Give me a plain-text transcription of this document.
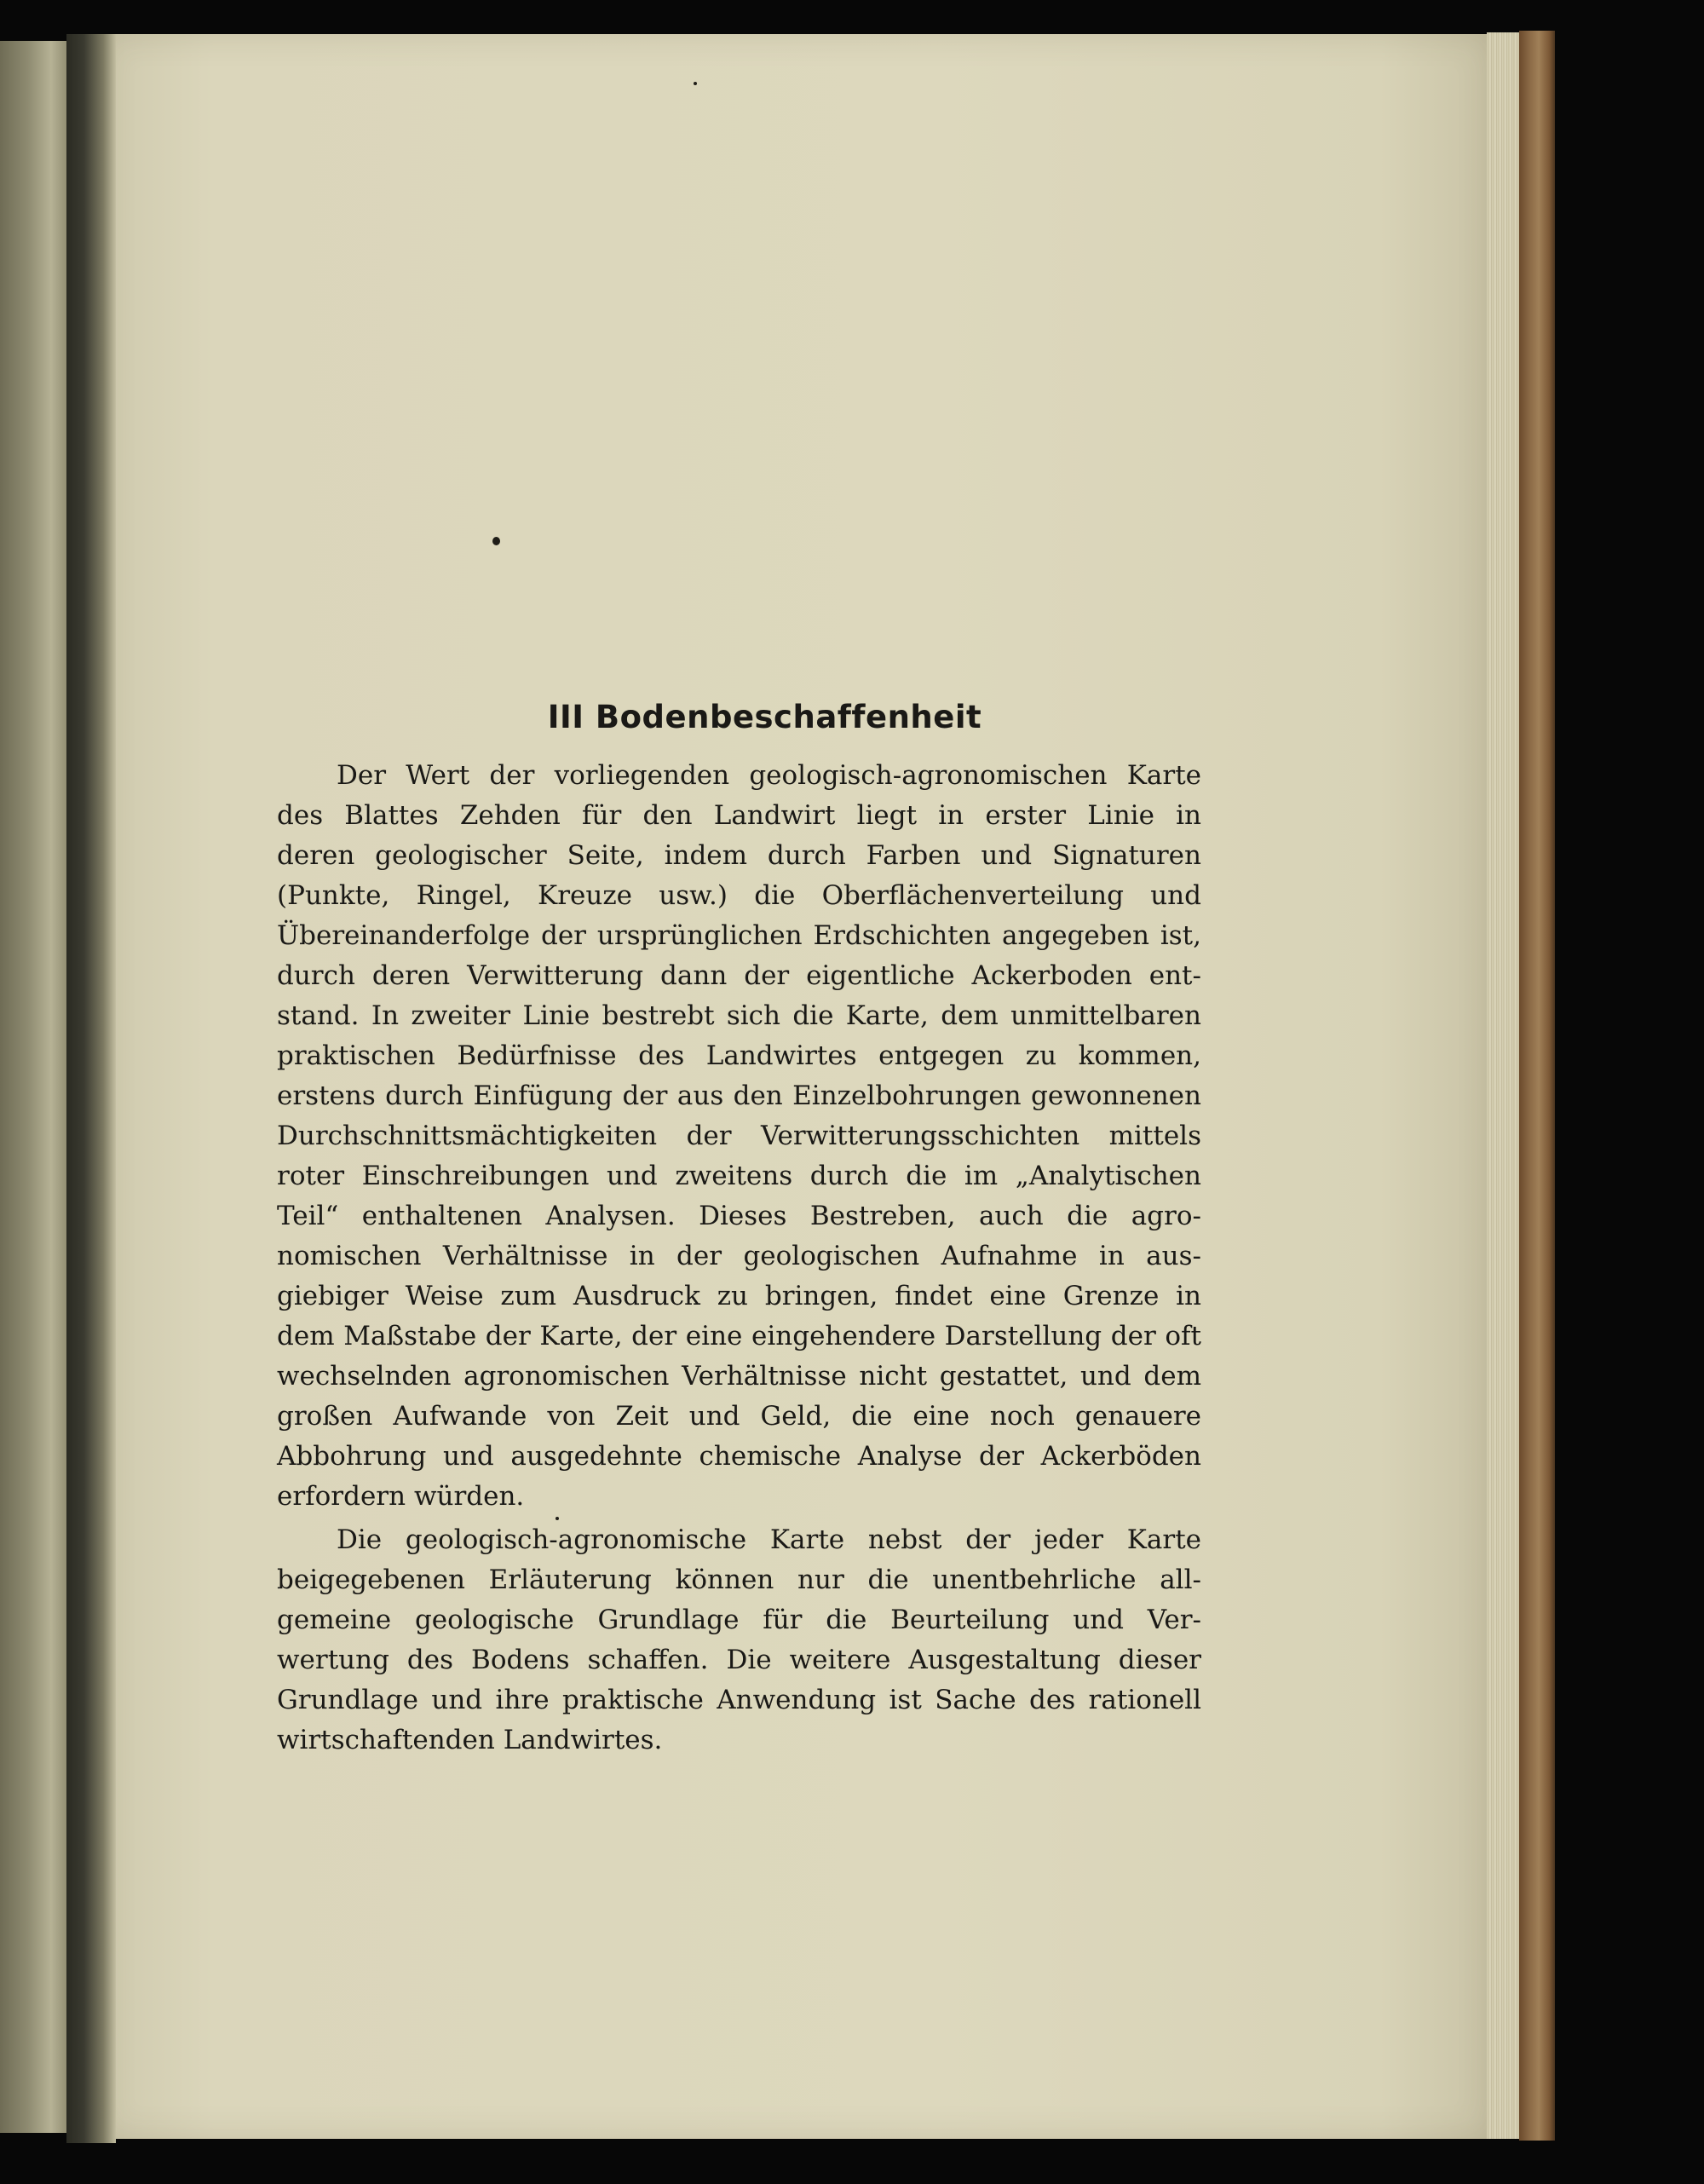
III Bodenbeschaffenheit

Der Wert der vorliegenden geologisch-agronomischen Karte
des Blattes Zehden für den Landwirt liegt in erster Linie in
deren geologischer Seite, indem durch Farben und Signaturen
(Punkte, Ringel, Kreuze usw.) die Oberflächenverteilung und
Übereinanderfolge der ursprünglichen Erdschichten angegeben ist,
durch deren Verwitterung dann der eigentliche Ackerboden ent-
stand. In zweiter Linie bestrebt sich die Karte, dem unmittelbaren
praktischen Bedürfnisse des Landwirtes entgegen zu kommen,
erstens durch Einfügung der aus den Einzelbohrungen gewonnenen
Durchschnittsmächtigkeiten der Verwitterungsschichten mittels
roter Einschreibungen und zweitens durch die im „Analytischen
Teil“ enthaltenen Analysen. Dieses Bestreben, auch die agro-
nomischen Verhältnisse in der geologischen Aufnahme in aus-
giebiger Weise zum Ausdruck zu bringen, findet eine Grenze in
dem Maßstabe der Karte, der eine eingehendere Darstellung der oft
wechselnden agronomischen Verhältnisse nicht gestattet, und dem
großen Aufwande von Zeit und Geld, die eine noch genauere
Abbohrung und ausgedehnte chemische Analyse der Ackerböden
erfordern würden.

Die geologisch-agronomische Karte nebst der jeder Karte
beigegebenen Erläuterung können nur die unentbehrliche all-
gemeine geologische Grundlage für die Beurteilung und Ver-
wertung des Bodens schaffen. Die weitere Ausgestaltung dieser
Grundlage und ihre praktische Anwendung ist Sache des rationell
wirtschaftenden Landwirtes.
